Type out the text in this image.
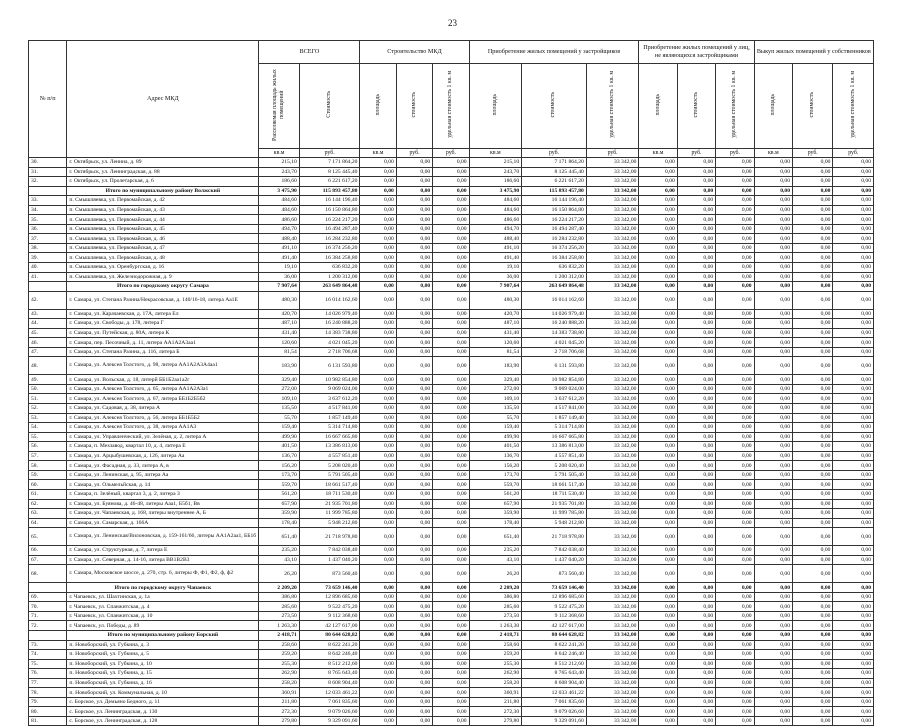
23
№ п/п	Адрес МКД	ВСЕГО		Строительство МКД			Приобретение жилых помещений у застройщиков			Приобретение жилых помещений у лиц, не являющихся застройщиками			Выкуп жилых помещений у собственников		
		Расселяемая площадь жилых помещений	Стоимость	площадь	стоимость	удельная стоимость 1 кв. м	площадь	стоимость	удельная стоимость 1 кв. м	площадь	стоимость	удельная стоимость 1 кв. м	площадь	стоимость	удельная стоимость 1 кв. м
		кв.м	руб.	кв.м	руб.	руб.	кв.м	руб.	руб.	кв.м	руб.	руб.	кв.м	руб.	руб.
30.	г. Октябрьск, ул. Ленина, д. 89	215,10	7 171 864,20	0,00	0,00	0,00	215,10	7 171 864,20	33 342,00	0,00	0,00	0,00	0,00	0,00	0,00
31.	г. Октябрьск, ул. Ленинградская, д. 88	243,70	8 125 445,40	0,00	0,00	0,00	243,70	8 125 445,40	33 342,00	0,00	0,00	0,00	0,00	0,00	0,00
32.	г. Октябрьск, ул. Пролетарская, д. 6	186,60	6 221 617,20	0,00	0,00	0,00	186,60	6 221 617,20	33 342,00	0,00	0,00	0,00	0,00	0,00	0,00
	Итого по муниципальному району Волжский	3 475,90	115 893 457,80	0,00	0,00	0,00	3 475,90	115 893 457,80	33 342,00	0,00	0,00	0,00	0,00	0,00	0,00
33.	п. Смышляевка, ул. Первомайская, д. 42	484,60	16 144 196,40	0,00	0,00	0,00	484,60	16 144 196,40	33 342,00	0,00	0,00	0,00	0,00	0,00	0,00
34.	п. Смышляевка, ул. Первомайская, д. 43	484,60	16 150 864,80	0,00	0,00	0,00	484,60	16 150 864,80	33 342,00	0,00	0,00	0,00	0,00	0,00	0,00
35.	п. Смышляевка, ул. Первомайская, д. 44	486,60	16 224 217,20	0,00	0,00	0,00	486,60	16 224 217,20	33 342,00	0,00	0,00	0,00	0,00	0,00	0,00
36.	п. Смышляевка, ул. Первомайская, д. 45	494,70	16 494 287,40	0,00	0,00	0,00	494,70	16 494 287,40	33 342,00	0,00	0,00	0,00	0,00	0,00	0,00
37.	п. Смышляевка, ул. Первомайская, д. 46	488,40	16 284 232,80	0,00	0,00	0,00	488,40	16 284 232,80	33 342,00	0,00	0,00	0,00	0,00	0,00	0,00
38.	п. Смышляевка, ул. Первомайская, д. 47	491,10	16 374 256,20	0,00	0,00	0,00	491,10	16 374 256,20	33 342,00	0,00	0,00	0,00	0,00	0,00	0,00
39.	п. Смышляевка, ул. Первомайская, д. 48	491,40	16 384 258,80	0,00	0,00	0,00	491,40	16 384 258,80	33 342,00	0,00	0,00	0,00	0,00	0,00	0,00
40.	п. Смышляевка, ул. Оренбургская, д. 16	19,10	636 832,20	0,00	0,00	0,00	19,10	636 832,20	33 342,00	0,00	0,00	0,00	0,00	0,00	0,00
41.	п. Смышляевка, ул. Железнодорожная, д. 9	36,00	1 200 312,00	0,00	0,00	0,00	36,00	1 200 312,00	33 342,00	0,00	0,00	0,00	0,00	0,00	0,00
	Итого по городскому округу Самара	7 907,64	263 649 864,48	0,00	0,00	0,00	7 907,64	263 649 864,48	33 342,00	0,00	0,00	0,00	0,00	0,00	0,00
42.	г. Самара, ул. Степана Разина/Некрасовская, д. 140/16-18, литера Аа1Е	480,30	16 014 162,60	0,00	0,00	0,00	480,30	16 014 162,60	33 342,00	0,00	0,00	0,00	0,00	0,00	0,00
43.	г. Самара, ул. Карачаевская, д. 17А, литера Ел	420,70	14 026 979,40	0,00	0,00	0,00	420,70	14 026 979,40	33 342,00	0,00	0,00	0,00	0,00	0,00	0,00
44.	г. Самара, ул. Свободы, д. 178, литера Г	487,10	16 240 888,20	0,00	0,00	0,00	487,10	16 240 888,20	33 342,00	0,00	0,00	0,00	0,00	0,00	0,00
45.	г. Самара, ул. Путейская, д. 80А, литера К	431,40	14 383 738,80	0,00	0,00	0,00	431,40	14 383 738,80	33 342,00	0,00	0,00	0,00	0,00	0,00	0,00
46.	г. Самара, пер. Песочный, д. 11, литера АА1А2А3аа1	120,60	4 021 045,20	0,00	0,00	0,00	120,60	4 021 045,20	33 342,00	0,00	0,00	0,00	0,00	0,00	0,00
47.	г. Самара, ул. Степана Разина, д. 116, литера Б	81,54	2 718 706,68	0,00	0,00	0,00	81,54	2 718 706,68	33 342,00	0,00	0,00	0,00	0,00	0,00	0,00
48.	г. Самара, ул. Алексея Толстого, д. 98, литера АА1А2А3А4аа1	183,90	6 131 593,80	0,00	0,00	0,00	183,90	6 131 593,80	33 342,00	0,00	0,00	0,00	0,00	0,00	0,00
49.	г. Самара, ул. Вольская, д. 18, литерй ББ1Б2аа1а2г	329,40	10 982 854,80	0,00	0,00	0,00	329,40	10 982 854,80	33 342,00	0,00	0,00	0,00	0,00	0,00	0,00
50.	г. Самара, ул. Алексея Толстого, д. 65, литера АА1А2А3а1	272,00	9 069 024,00	0,00	0,00	0,00	272,00	9 069 024,00	33 342,00	0,00	0,00	0,00	0,00	0,00	0,00
51.	г. Самара, ул. Алексея Толстого, д. 67, литера ББ1Б2Б5б2	109,10	3 637 612,20	0,00	0,00	0,00	109,10	3 637 612,20	33 342,00	0,00	0,00	0,00	0,00	0,00	0,00
52.	г. Самара, ул. Садовая, д. 38, литера А	135,50	4 517 841,00	0,00	0,00	0,00	135,50	4 517 841,00	33 342,00	0,00	0,00	0,00	0,00	0,00	0,00
53.	г. Самара, ул. Алексея Толстого, д. 56, литера ББ1Б5Б2	55,70	1 857 149,40	0,00	0,00	0,00	55,70	1 857 149,40	33 342,00	0,00	0,00	0,00	0,00	0,00	0,00
54.	г. Самара, ул. Алексея Толстого, д. 38, литера АА1А3	159,40	5 314 714,80	0,00	0,00	0,00	159,40	5 314 714,80	33 342,00	0,00	0,00	0,00	0,00	0,00	0,00
55.	г. Самара, ул. Управленческий, ул. Зелёная, д. 2, литера А	499,90	16 667 665,80	0,00	0,00	0,00	499,90	16 667 665,80	33 342,00	0,00	0,00	0,00	0,00	0,00	0,00
56.	г. Самара, п. Мехзавод, квартал 10, д. 4, литера Е	401,50	13 386 813,00	0,00	0,00	0,00	401,50	13 386 813,00	33 342,00	0,00	0,00	0,00	0,00	0,00	0,00
57.	г. Самара, ул. Арцыбушевская, д. 126, литера Аа	136,70	4 557 851,40	0,00	0,00	0,00	136,70	4 557 851,40	33 342,00	0,00	0,00	0,00	0,00	0,00	0,00
58.	г. Самара, ул. Фасадная, д. 33, литера А, в	156,20	5 208 020,40	0,00	0,00	0,00	156,20	5 208 020,40	33 342,00	0,00	0,00	0,00	0,00	0,00	0,00
59.	г. Самара, ул. Ленинская, д. 95, литера Аа	173,70	5 791 505,40	0,00	0,00	0,00	173,70	5 791 505,40	33 342,00	0,00	0,00	0,00	0,00	0,00	0,00
60.	г. Самара, ул. Ольмельйская, д. 14	559,70	18 661 517,40	0,00	0,00	0,00	559,70	18 661 517,40	33 342,00	0,00	0,00	0,00	0,00	0,00	0,00
61.	г. Самара, п. Зелёный, квартал 3, д. 2, литера З	561,20	18 711 530,40	0,00	0,00	0,00	561,20	18 711 530,40	33 342,00	0,00	0,00	0,00	0,00	0,00	0,00
62.	г. Самара, ул. Буянова, д. 46-48, литеры Ааа1, Б5б1, Вв	657,90	21 935 701,80	0,00	0,00	0,00	657,90	21 935 701,80	33 342,00	0,00	0,00	0,00	0,00	0,00	0,00
63.	г. Самара, ул. Чапаевская, д. 168, литеры внутреннее А, Б	359,90	11 999 785,80	0,00	0,00	0,00	359,90	11 999 785,80	33 342,00	0,00	0,00	0,00	0,00	0,00	0,00
64.	г. Самара, ул. Самарская, д. 166А	178,40	5 948 212,80	0,00	0,00	0,00	178,40	5 948 212,80	33 342,00	0,00	0,00	0,00	0,00	0,00	0,00
65.	г. Самара, ул. Ленинская/Вилоновская, д. 159-161/66, литеры АА1А2аа1, ББ1б	651,40	21 718 978,80	0,00	0,00	0,00	651,40	21 718 978,80	33 342,00	0,00	0,00	0,00	0,00	0,00	0,00
66.	г. Самара, ул. Структурная, д. 7, литера Е	235,20	7 842 038,40	0,00	0,00	0,00	235,20	7 842 038,40	33 342,00	0,00	0,00	0,00	0,00	0,00	0,00
67.	г. Самара, ул. Северная, д. 14-16, литера ВВ1В2В3	43,10	1 437 040,20	0,00	0,00	0,00	43,10	1 437 040,20	33 342,00	0,00	0,00	0,00	0,00	0,00	0,00
68.	г. Самара, Московское шоссе, д. 270, стр. 6, литеры Ф, Ф1, Ф2, ф, ф2	26,20	873 560,40	0,00	0,00	0,00	26,20	873 560,40	33 342,00	0,00	0,00	0,00	0,00	0,00	0,00
	Итого по городскому округу Чапаевск	2 209,20	73 659 146,40	0,00	0,00	0,00	2 209,20	73 659 146,40	33 342,00	0,00	0,00	0,00	0,00	0,00	0,00
69.	г. Чапаевск, ул. Шахтинская, д. 1а	386,80	12 896 685,60	0,00	0,00	0,00	386,80	12 896 685,60	33 342,00	0,00	0,00	0,00	0,00	0,00	0,00
70.	г. Чапаевск, ул. Спанжитская, д. 4	285,60	9 522 475,20	0,00	0,00	0,00	285,60	9 522 475,20	33 342,00	0,00	0,00	0,00	0,00	0,00	0,00
71.	г. Чапаевск, ул. Спанжитская, д. 10	273,50	9 112 368,60	0,00	0,00	0,00	273,50	9 112 368,60	33 342,00	0,00	0,00	0,00	0,00	0,00	0,00
72.	г. Чапаевск, ул. Победы, д. 89	1 263,30	42 127 617,00	0,00	0,00	0,00	1 263,30	42 127 617,00	33 342,00	0,00	0,00	0,00	0,00	0,00	0,00
	Итого по муниципальному району Борский	2 418,71	80 644 628,82	0,00	0,00	0,00	2 418,71	80 644 628,82	33 342,00	0,00	0,00	0,00	0,00	0,00	0,00
73.	п. Новоборский, ул. Губкина, д. 3	258,60	8 622 241,20	0,00	0,00	0,00	258,60	8 622 241,20	33 342,00	0,00	0,00	0,00	0,00	0,00	0,00
74.	п. Новоборский, ул. Губкина, д. 5	259,20	8 642 246,40	0,00	0,00	0,00	259,20	8 642 246,40	33 342,00	0,00	0,00	0,00	0,00	0,00	0,00
75.	п. Новоборский, ул. Губкина, д. 10	255,30	8 512 212,60	0,00	0,00	0,00	255,30	8 512 212,60	33 342,00	0,00	0,00	0,00	0,00	0,00	0,00
76.	п. Новоборский, ул. Губкина, д. 15	262,90	8 765 643,40	0,00	0,00	0,00	262,90	8 765 643,40	33 342,00	0,00	0,00	0,00	0,00	0,00	0,00
77.	п. Новоборский, ул. Губкина, д. 16	258,20	8 608 904,40	0,00	0,00	0,00	258,20	8 608 904,40	33 342,00	0,00	0,00	0,00	0,00	0,00	0,00
78.	п. Новоборский, ул. Коммунальная, д. 10	360,91	12 033 461,22	0,00	0,00	0,00	360,91	12 033 461,22	33 342,00	0,00	0,00	0,00	0,00	0,00	0,00
79.	с. Борское, ул. Демьяно Бедного, д. 11	211,80	7 061 835,60	0,00	0,00	0,00	211,80	7 061 835,60	33 342,00	0,00	0,00	0,00	0,00	0,00	0,00
80.	с. Борское, ул. Ленинградская, д. 130	272,30	9 079 026,60	0,00	0,00	0,00	272,30	9 079 026,60	33 342,00	0,00	0,00	0,00	0,00	0,00	0,00
81.	с. Борское, ул. Ленинградская, д. 128	279,80	9 329 091,60	0,00	0,00	0,00	279,80	9 329 091,60	33 342,00	0,00	0,00	0,00	0,00	0,00	0,00
